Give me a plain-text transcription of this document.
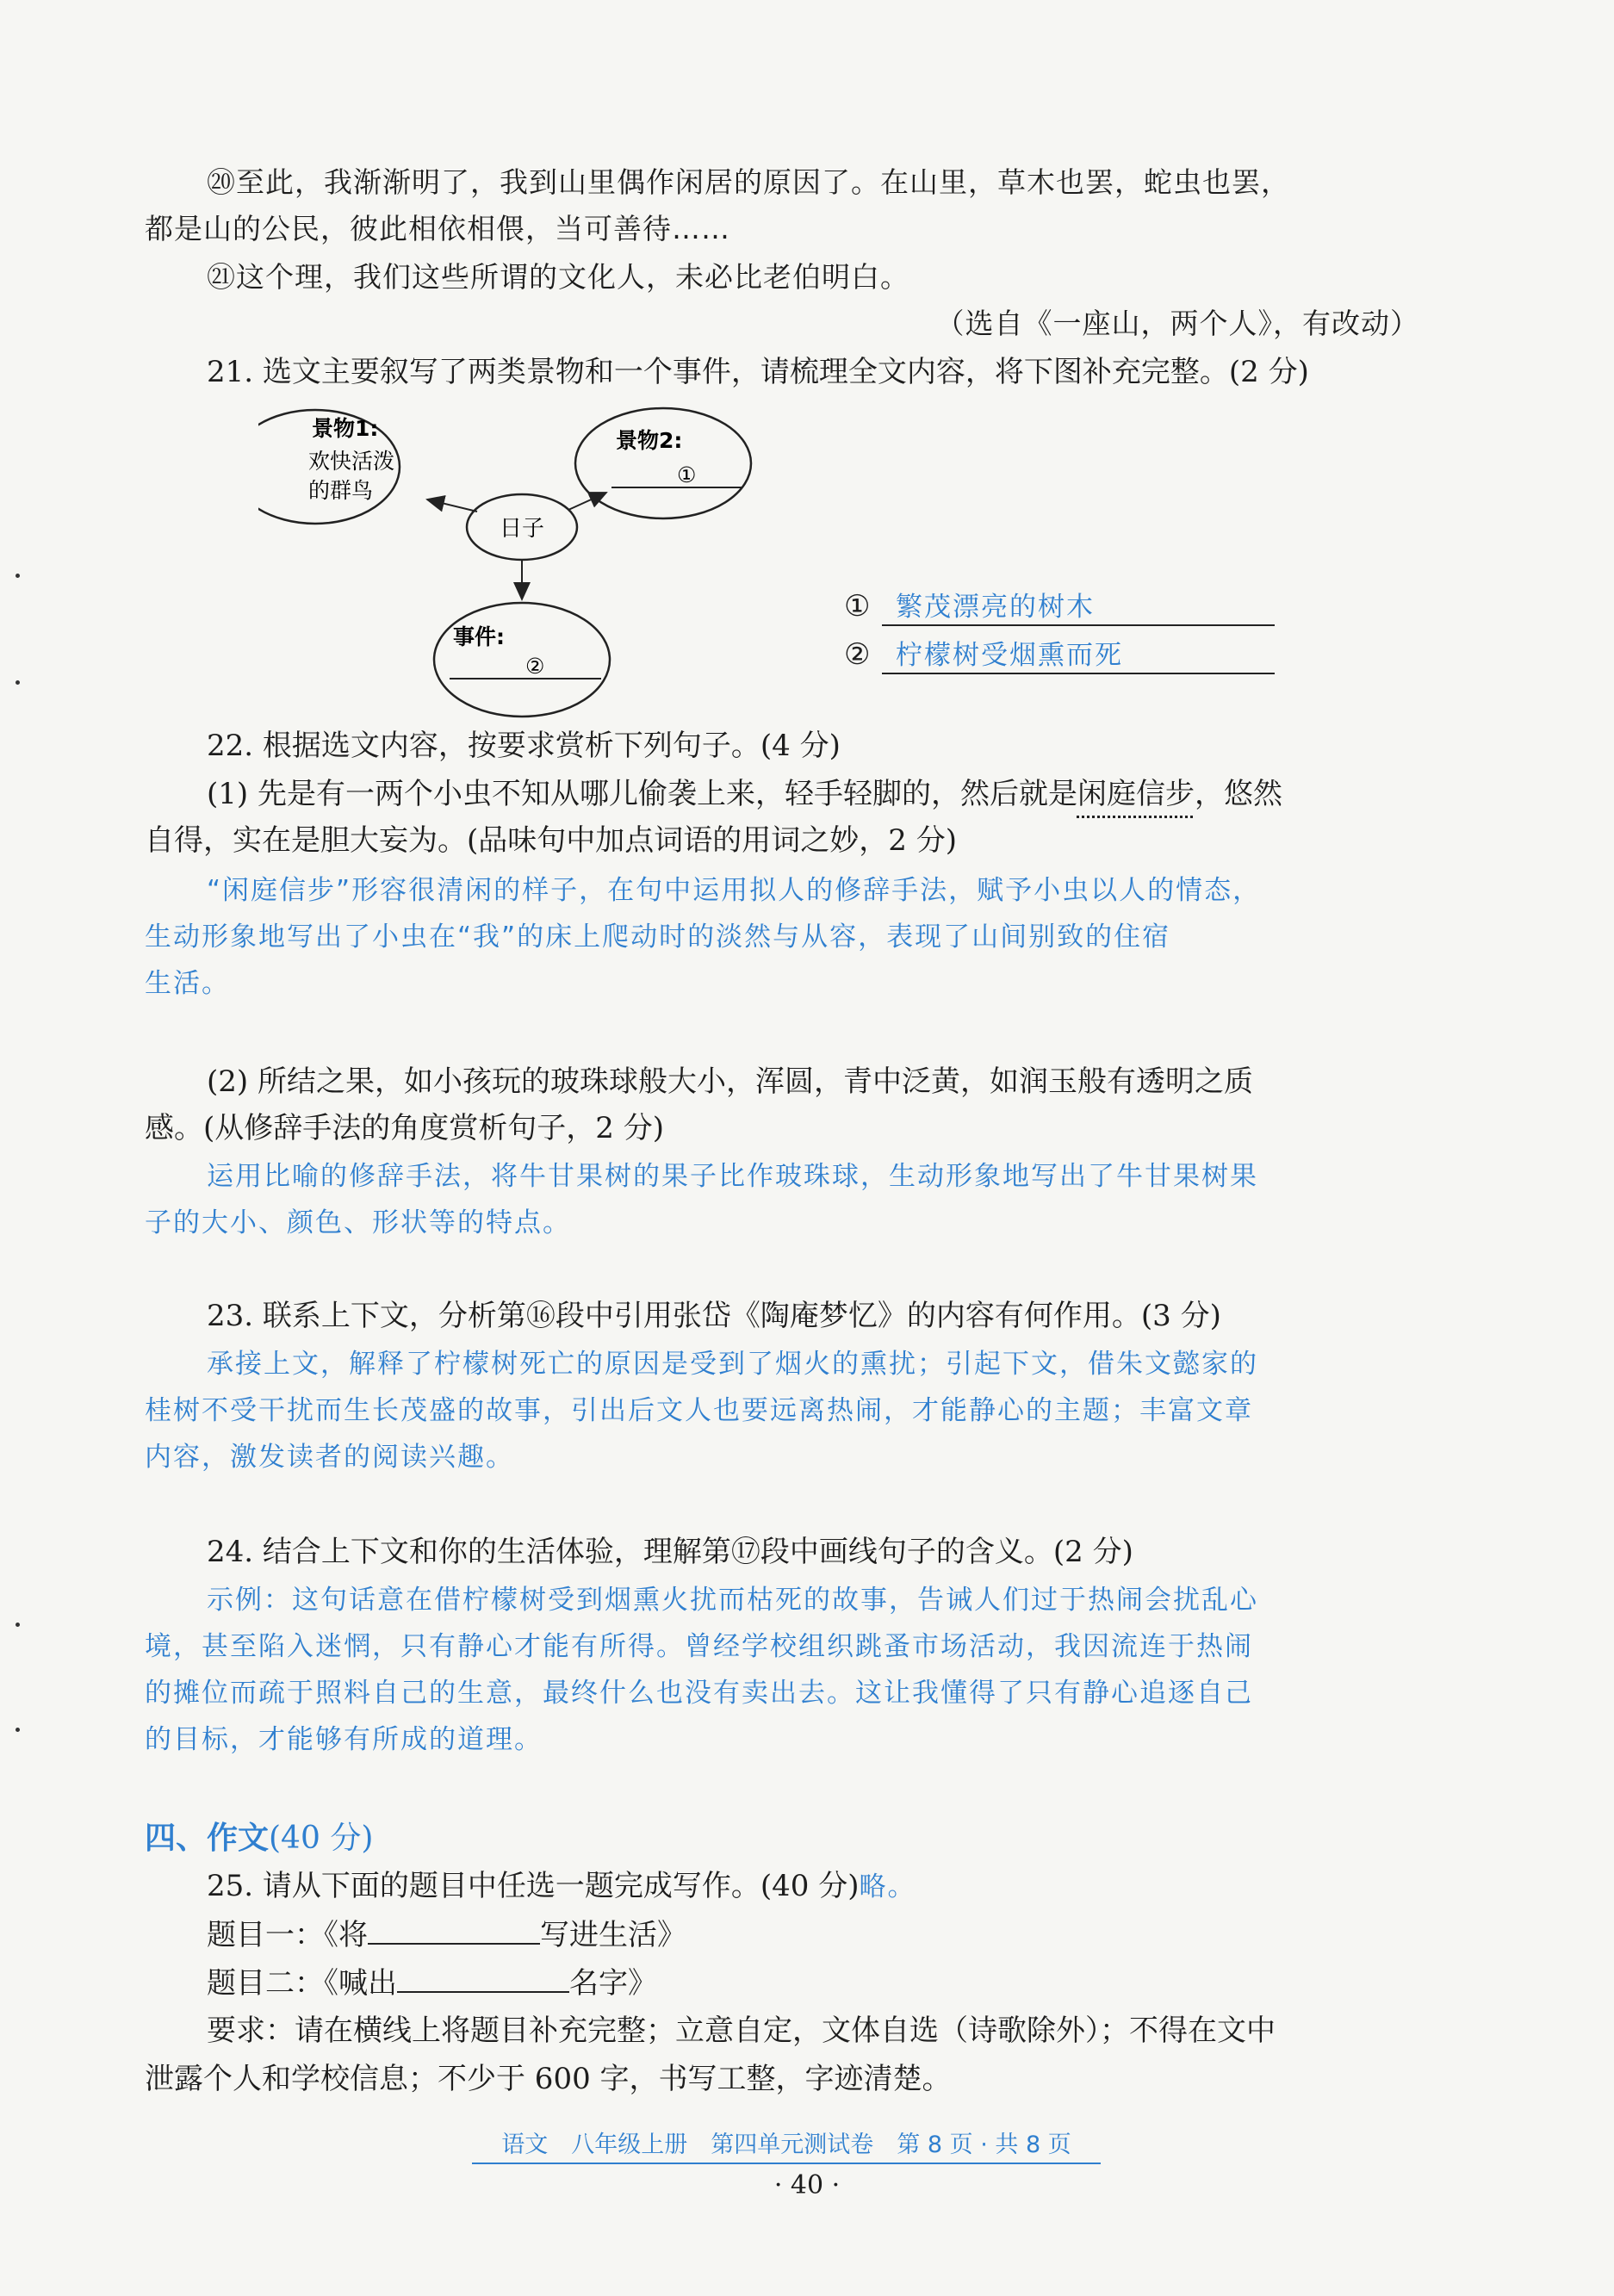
⑳至此，我渐渐明了，我到山里偶作闲居的原因了。在山里，草木也罢，蛇虫也罢，
都是山的公民，彼此相依相偎，当可善待……
㉑这个理，我们这些所谓的文化人，未必比老伯明白。
（选自《一座山，两个人》，有改动）
21. 选文主要叙写了两类景物和一个事件，请梳理全文内容，将下图补充完整。(2 分)
景物1:
欢快活泼
的群鸟
景物2:
①
日子
事件:
②
① 繁茂漂亮的树木
② 柠檬树受烟熏而死
22. 根据选文内容，按要求赏析下列句子。(4 分)
(1) 先是有一两个小虫不知从哪儿偷袭上来，轻手轻脚的，然后就是闲庭信步，悠然
自得，实在是胆大妄为。(品味句中加点词语的用词之妙，2 分)
“闲庭信步”形容很清闲的样子，在句中运用拟人的修辞手法，赋予小虫以人的情态，
生动形象地写出了小虫在“我”的床上爬动时的淡然与从容，表现了山间别致的住宿
生活。
(2) 所结之果，如小孩玩的玻珠球般大小，浑圆，青中泛黄，如润玉般有透明之质
感。(从修辞手法的角度赏析句子，2 分)
运用比喻的修辞手法，将牛甘果树的果子比作玻珠球，生动形象地写出了牛甘果树果
子的大小、颜色、形状等的特点。
23. 联系上下文，分析第⑯段中引用张岱《陶庵梦忆》的内容有何作用。(3 分)
承接上文，解释了柠檬树死亡的原因是受到了烟火的熏扰；引起下文，借朱文懿家的
桂树不受干扰而生长茂盛的故事，引出后文人也要远离热闹，才能静心的主题；丰富文章
内容，激发读者的阅读兴趣。
24. 结合上下文和你的生活体验，理解第⑰段中画线句子的含义。(2 分)
示例：这句话意在借柠檬树受到烟熏火扰而枯死的故事，告诫人们过于热闹会扰乱心
境，甚至陷入迷惘，只有静心才能有所得。曾经学校组织跳蚤市场活动，我因流连于热闹
的摊位而疏于照料自己的生意，最终什么也没有卖出去。这让我懂得了只有静心追逐自己
的目标，才能够有所成的道理。
四、作文(40 分)
25. 请从下面的题目中任选一题完成写作。(40 分)略。
题目一：《将	写进生活》
题目二：《喊出	名字》
要求：请在横线上将题目补充完整；立意自定，文体自选（诗歌除外）；不得在文中
泄露个人和学校信息；不少于 600 字，书写工整，字迹清楚。
语文　八年级上册　第四单元测试卷　第 8 页 · 共 8 页
· 40 ·
